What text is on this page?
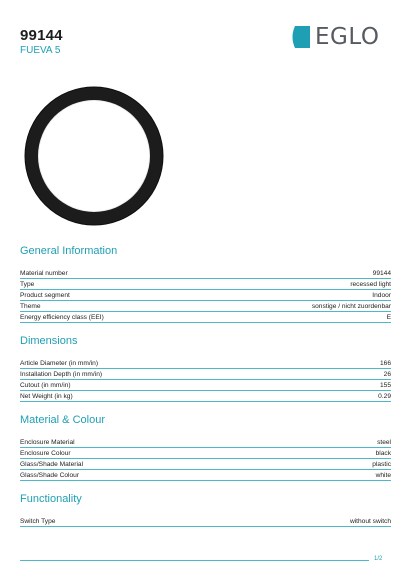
99144
FUEVA 5
EGLO
General Information
Material number	99144
Type	recessed light
Product segment	Indoor
Theme	sonstige / nicht zuordenbar
Energy efficiency class (EEI)	E
Dimensions
Article Diameter (in mm/in)	166
Installation Depth (in mm/in)	26
Cutout (in mm/in)	155
Net Weight (in kg)	0.29
Material & Colour
Enclosure Material	steel
Enclosure Colour	black
Glass/Shade Material	plastic
Glass/Shade Colour	white
Functionality
Switch Type	without switch
1/2
